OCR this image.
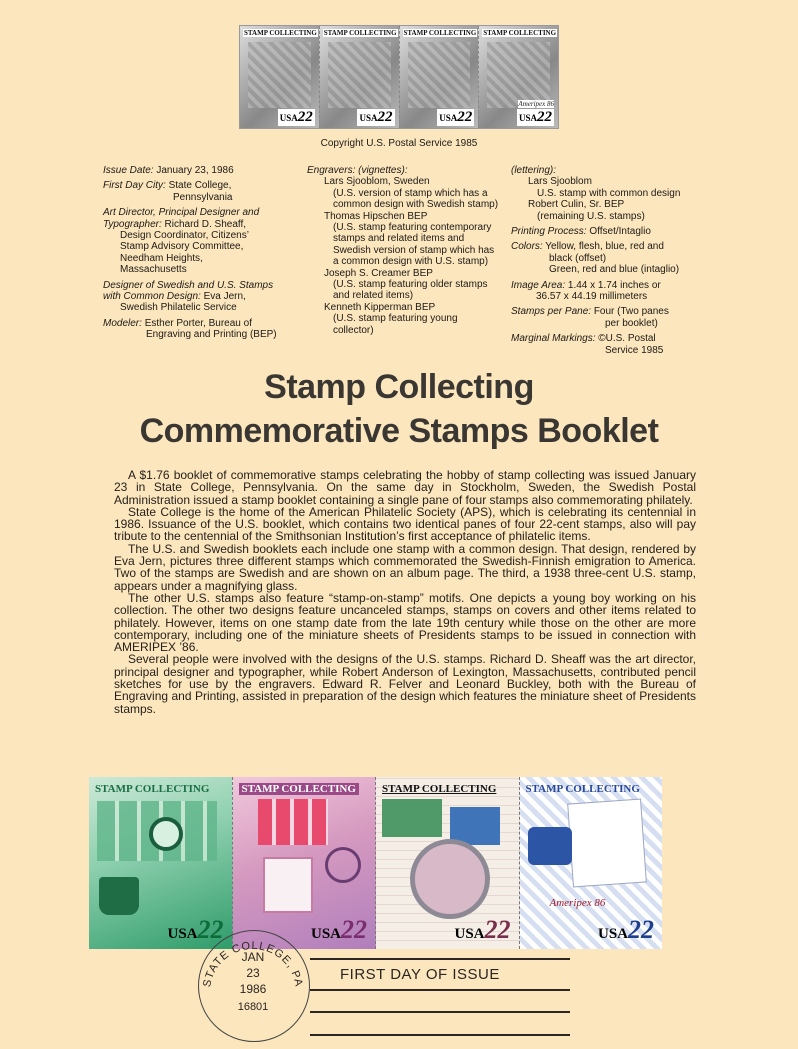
STAMP COLLECTING
USA22
STAMP COLLECTING
USA22
STAMP COLLECTING
USA22
STAMP COLLECTING
Ameripex 86
USA22
Copyright U.S. Postal Service 1985

Issue Date: January 23, 1986

First Day City: State College,
Pennsylvania

Art Director, Principal Designer and
Typographer: Richard D. Sheaff,
Design Coordinator, Citizens’
Stamp Advisory Committee,
Needham Heights,
Massachusetts

Designer of Swedish and U.S. Stamps
with Common Design: Eva Jern,
Swedish Philatelic Service

Modeler: Esther Porter, Bureau of
Engraving and Printing (BEP)

Engravers: (vignettes):
Lars Sjooblom, Sweden
(U.S. version of stamp which has a
common design with Swedish stamp)
Thomas Hipschen BEP
(U.S. stamp featuring contemporary
stamps and related items and
Swedish version of stamp which has
a common design with U.S. stamp)
Joseph S. Creamer BEP
(U.S. stamp featuring older stamps
and related items)
Kenneth Kipperman BEP
(U.S. stamp featuring young
collector)

(lettering):
Lars Sjooblom
U.S. stamp with common design
Robert Culin, Sr. BEP
(remaining U.S. stamps)

Printing Process: Offset/Intaglio

Colors: Yellow, flesh, blue, red and
black (offset)
Green, red and blue (intaglio)

Image Area: 1.44 x 1.74 inches or
36.57 x 44.19 millimeters

Stamps per Pane: Four (Two panes
per booklet)

Marginal Markings: ©U.S. Postal
Service 1985

Stamp Collecting
Commemorative Stamps Booklet

A $1.76 booklet of commemorative stamps celebrating the hobby of stamp collecting was issued January 23 in State College, Pennsylvania. On the same day in Stockholm, Sweden, the Swedish Postal Administration issued a stamp booklet containing a single pane of four stamps also commemorating philately.

State College is the home of the American Philatelic Society (APS), which is celebrating its centennial in 1986. Issuance of the U.S. booklet, which contains two identical panes of four 22-cent stamps, also will pay tribute to the centennial of the Smithsonian Institution’s first acceptance of philatelic items.

The U.S. and Swedish booklets each include one stamp with a common design. That design, rendered by Eva Jern, pictures three different stamps which commemorated the Swedish-Finnish emigration to America. Two of the stamps are Swedish and are shown on an album page. The third, a 1938 three-cent U.S. stamp, appears under a magnifying glass.

The other U.S. stamps also feature “stamp-on-stamp” motifs. One depicts a young boy working on his collection. The other two designs feature uncanceled stamps, stamps on covers and other items related to philately. However, items on one stamp date from the late 19th century while those on the other are more contemporary, including one of the miniature sheets of Presidents stamps to be issued in connection with AMERIPEX ’86.

Several people were involved with the designs of the U.S. stamps. Richard D. Sheaff was the art director, principal designer and typographer, while Robert Anderson of Lexington, Massachusetts, contributed pencil sketches for use by the engravers. Edward R. Felver and Leonard Buckley, both with the Bureau of Engraving and Printing, assisted in preparation of the design which features the miniature sheet of Presidents stamps.

STAMP COLLECTING
USA22
STAMP COLLECTING
USA22
STAMP COLLECTING
USA22
STAMP COLLECTING
Ameripex 86
USA22
STATE COLLEGE, PA
JAN
23
1986
16801
FIRST DAY OF ISSUE
